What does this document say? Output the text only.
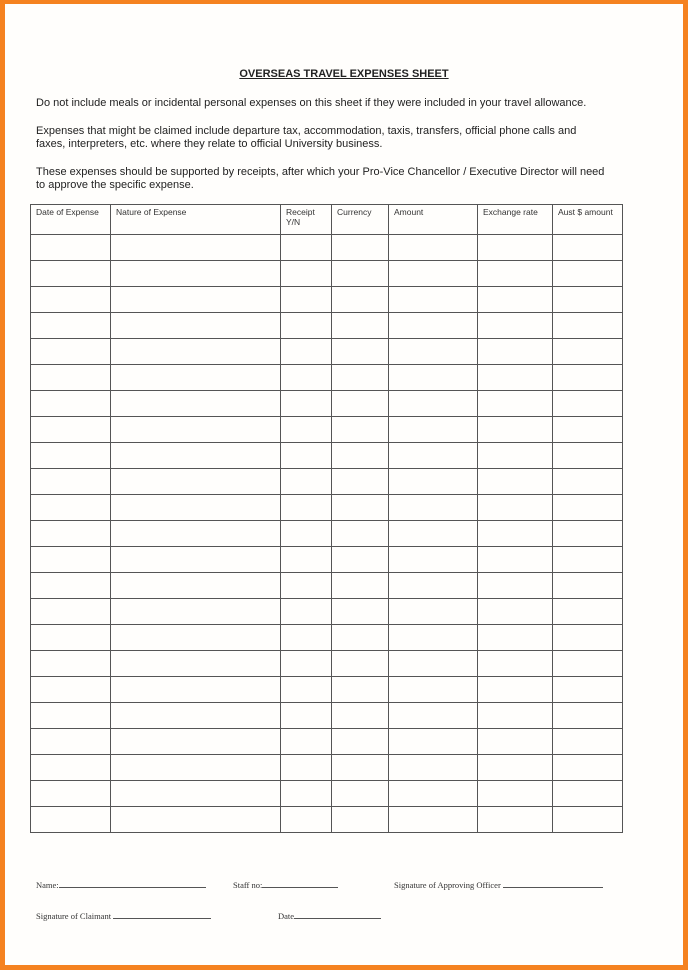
OVERSEAS TRAVEL EXPENSES SHEET
Do not include meals or incidental personal expenses on this sheet if they were included in your travel allowance.
Expenses that might be claimed include departure tax, accommodation, taxis, transfers, official phone calls and faxes, interpreters, etc. where they relate to official University business.
These expenses should be supported by receipts, after which your Pro-Vice Chancellor / Executive Director will need to approve the specific expense.
Date of Expense	Nature of Expense	Receipt Y/N	Currency	Amount	Exchange rate	Aust $ amount

Name:	Staff no:	Signature of Approving Officer
Signature of Claimant	Date
